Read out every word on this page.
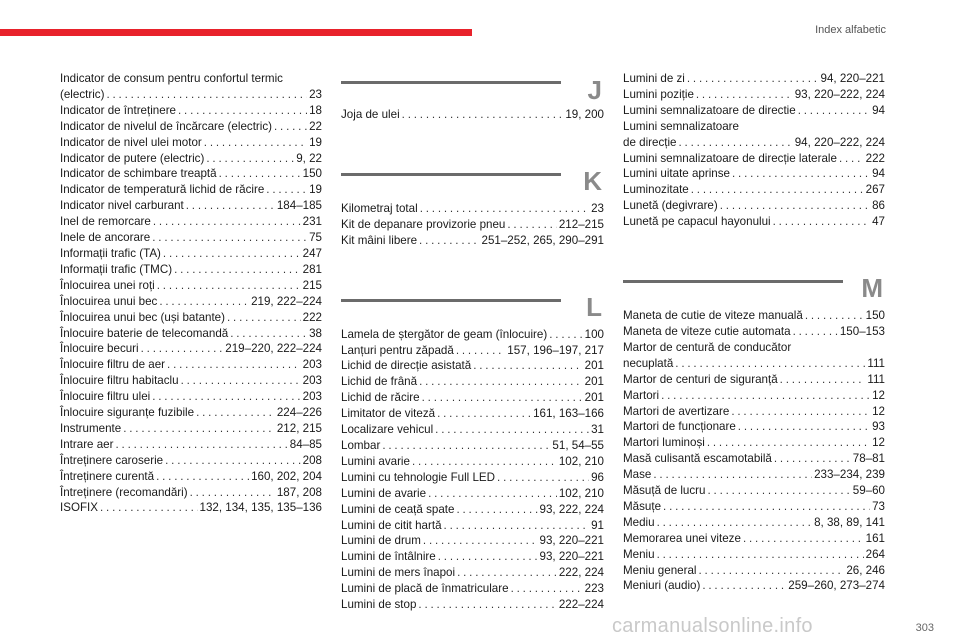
Index alfabetic
Indicator de consum pentru confortul termic
(electric) . . .	23
Indicator de întreținere . . .	18
Indicator de nivelul de încărcare (electric) . . .	22
Indicator de nivel ulei motor . . .	19
Indicator de putere (electric) . . .	9, 22
Indicator de schimbare treaptă . . .	150
Indicator de temperatură lichid de răcire . . .	19
Indicator nivel carburant . . .	184–185
Inel de remorcare . . .	231
Inele de ancorare . . .	75
Informații trafic (TA) . . .	247
Informații trafic (TMC) . . .	281
Înlocuirea unei roți . . .	215
Înlocuirea unui bec . . .	219, 222–224
Înlocuirea unui bec (uși batante) . . .	222
Înlocuire baterie de telecomandă . . .	38
Înlocuire becuri . . .	219–220, 222–224
Înlocuire filtru de aer . . .	203
Înlocuire filtru habitaclu . . .	203
Înlocuire filtru ulei . . .	203
Înlocuire siguranțe fuzibile . . .	224–226
Instrumente . . .	212, 215
Intrare aer . . .	84–85
Întreținere caroserie . . .	208
Întreținere curentă . . .	160, 202, 204
Întreținere (recomandări) . . .	187, 208
ISOFIX . . .	132, 134, 135, 135–136
J
Joja de ulei . . .	19, 200
K
Kilometraj total . . .	23
Kit de depanare provizorie pneu . . .	212–215
Kit mâini libere . . .	251–252, 265, 290–291
L
Lamela de ștergător de geam (înlocuire) . . .	100
Lanțuri pentru zăpadă . . .	157, 196–197, 217
Lichid de direcție asistată . . .	201
Lichid de frână . . .	201
Lichid de răcire . . .	201
Limitator de viteză . . .	161, 163–166
Localizare vehicul . . .	31
Lombar . . .	51, 54–55
Lumini avarie . . .	102, 210
Lumini cu tehnologie Full LED . . .	96
Lumini de avarie . . .	102, 210
Lumini de ceață spate . . .	93, 222, 224
Lumini de citit hartă . . .	91
Lumini de drum . . .	93, 220–221
Lumini de întâlnire . . .	93, 220–221
Lumini de mers înapoi . . .	222, 224
Lumini de placă de înmatriculare . . .	223
Lumini de stop . . .	222–224
Lumini de zi . . .	94, 220–221
Lumini poziție . . .	93, 220–222, 224
Lumini semnalizatoare de directie . . .	94
Lumini semnalizatoare
de direcție . . .	94, 220–222, 224
Lumini semnalizatoare de direcție laterale . . . 222
Lumini uitate aprinse . . .	94
Luminozitate . . .	267
Lunetă (degivrare) . . .	86
Lunetă pe capacul hayonului . . .	47
M
Maneta de cutie de viteze manuală . . .	150
Maneta de viteze cutie automata . . .	150–153
Martor de centură de conducător
necuplată . . .	111
Martor de centuri de siguranță . . .	111
Martori . . .	12
Martori de avertizare . . .	12
Martori de funcționare . . .	93
Martori luminoși . . .	12
Masă culisantă escamotabilă . . .	78–81
Mase . . .	233–234, 239
Măsuță de lucru . . .	59–60
Măsuțe . . .	73
Mediu . . .	8, 38, 89, 141
Memorarea unei viteze . . .	161
Meniu . . .	264
Meniu general . . .	26, 246
Meniuri (audio) . . .	259–260, 273–274
303
carmanualsonline.info
